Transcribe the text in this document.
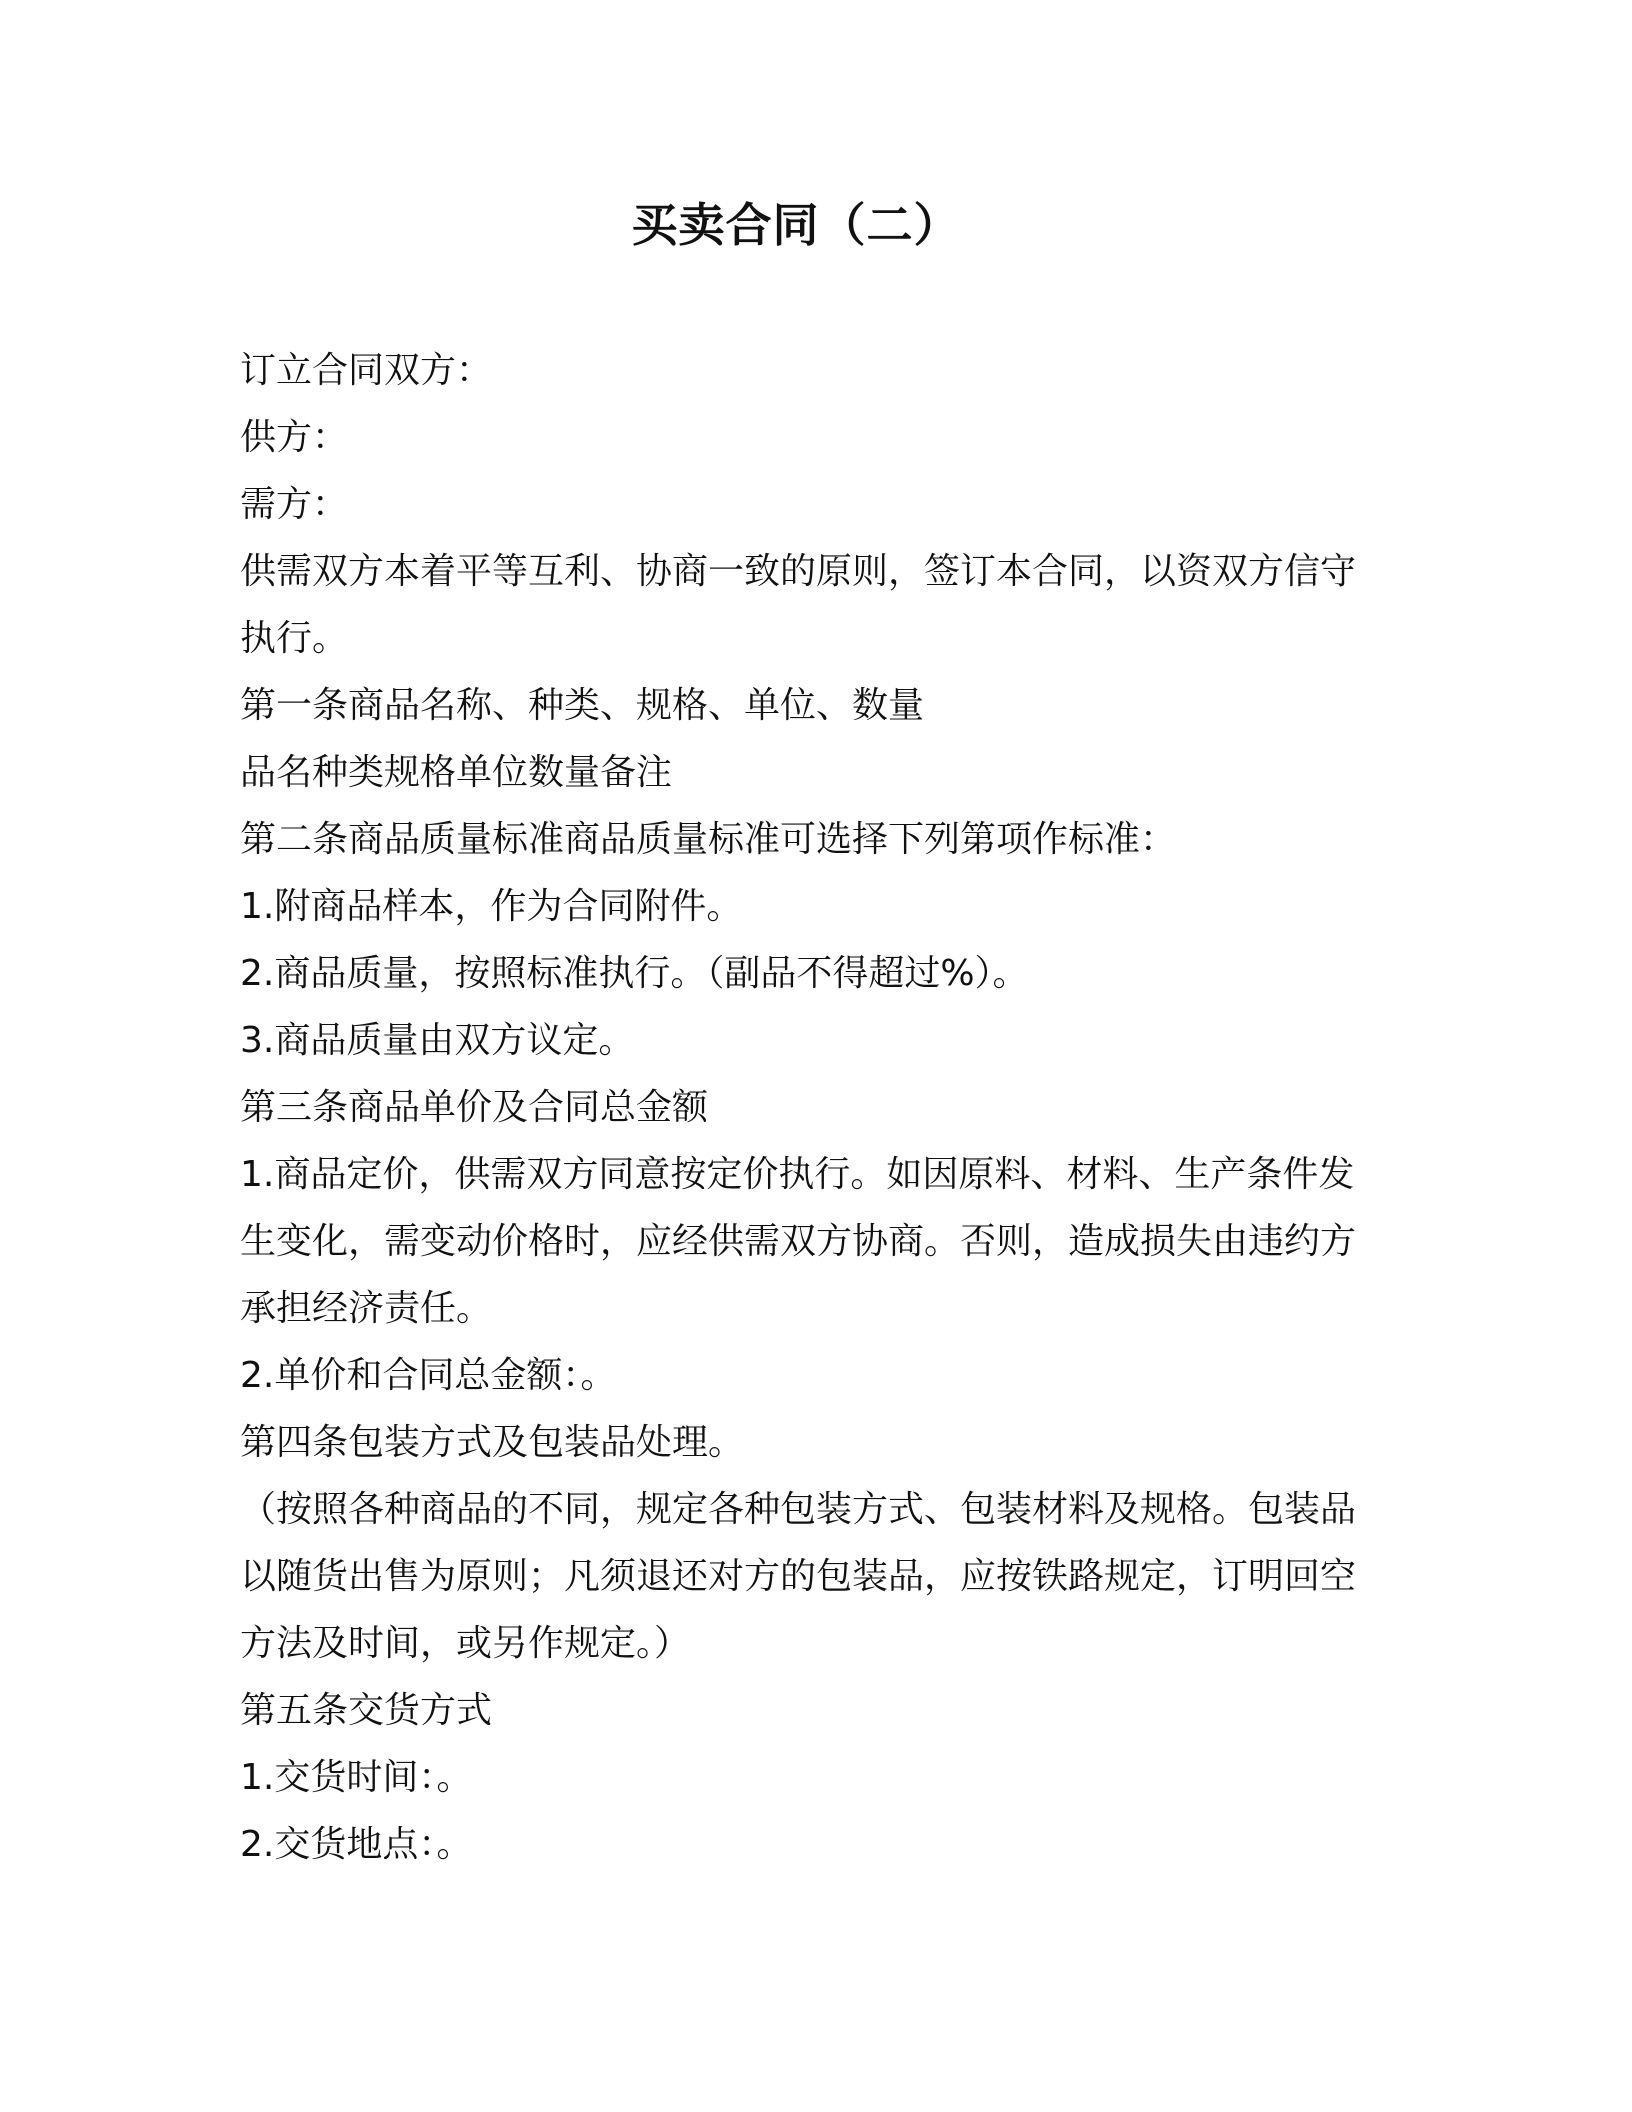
买卖合同（二）
订立合同双方：
供方：
需方：
供需双方本着平等互利、协商一致的原则，签订本合同，以资双方信守
执行。
第一条商品名称、种类、规格、单位、数量
品名种类规格单位数量备注
第二条商品质量标准商品质量标准可选择下列第项作标准：
1.附商品样本，作为合同附件。
2.商品质量，按照标准执行。（副品不得超过%）。
3.商品质量由双方议定。
第三条商品单价及合同总金额
1.商品定价，供需双方同意按定价执行。如因原料、材料、生产条件发
生变化，需变动价格时，应经供需双方协商。否则，造成损失由违约方
承担经济责任。
2.单价和合同总金额：。
第四条包装方式及包装品处理。
（按照各种商品的不同，规定各种包装方式、包装材料及规格。包装品
以随货出售为原则；凡须退还对方的包装品，应按铁路规定，订明回空
方法及时间，或另作规定。）
第五条交货方式
1.交货时间：。
2.交货地点：。
